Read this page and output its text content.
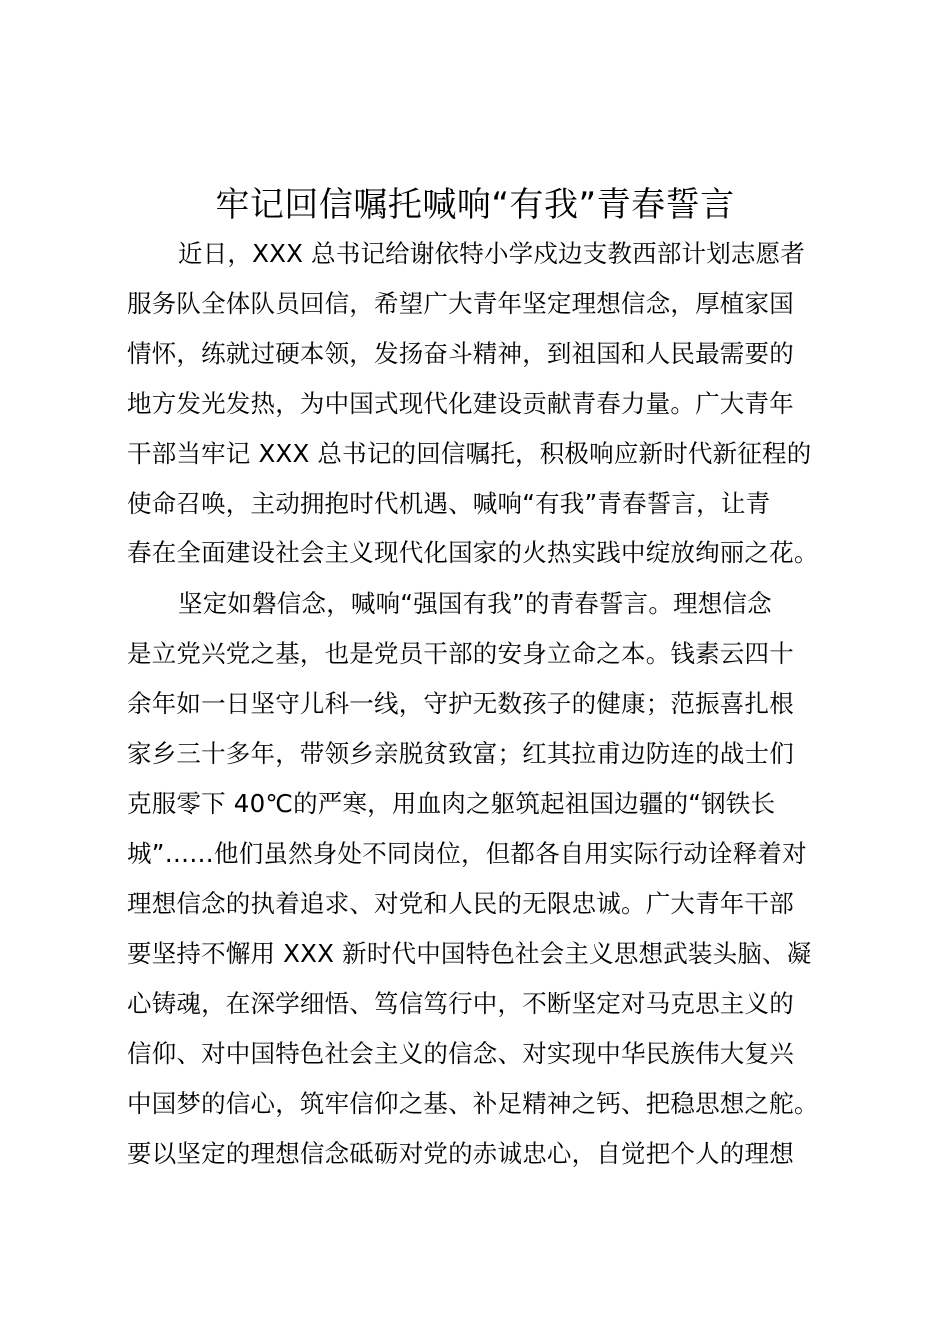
牢记回信嘱托喊响“有我”青春誓言
近日，XXX 总书记给谢依特小学戍边支教西部计划志愿者
服务队全体队员回信，希望广大青年坚定理想信念，厚植家国
情怀，练就过硬本领，发扬奋斗精神，到祖国和人民最需要的
地方发光发热，为中国式现代化建设贡献青春力量。广大青年
干部当牢记 XXX 总书记的回信嘱托，积极响应新时代新征程的
使命召唤，主动拥抱时代机遇、喊响“有我”青春誓言，让青
春在全面建设社会主义现代化国家的火热实践中绽放绚丽之花。
坚定如磐信念，喊响“强国有我”的青春誓言。理想信念
是立党兴党之基，也是党员干部的安身立命之本。钱素云四十
余年如一日坚守儿科一线，守护无数孩子的健康；范振喜扎根
家乡三十多年，带领乡亲脱贫致富；红其拉甫边防连的战士们
克服零下 40℃的严寒，用血肉之躯筑起祖国边疆的“钢铁长
城”……他们虽然身处不同岗位，但都各自用实际行动诠释着对
理想信念的执着追求、对党和人民的无限忠诚。广大青年干部
要坚持不懈用 XXX 新时代中国特色社会主义思想武装头脑、凝
心铸魂，在深学细悟、笃信笃行中，不断坚定对马克思主义的
信仰、对中国特色社会主义的信念、对实现中华民族伟大复兴
中国梦的信心，筑牢信仰之基、补足精神之钙、把稳思想之舵。
要以坚定的理想信念砥砺对党的赤诚忠心，自觉把个人的理想
